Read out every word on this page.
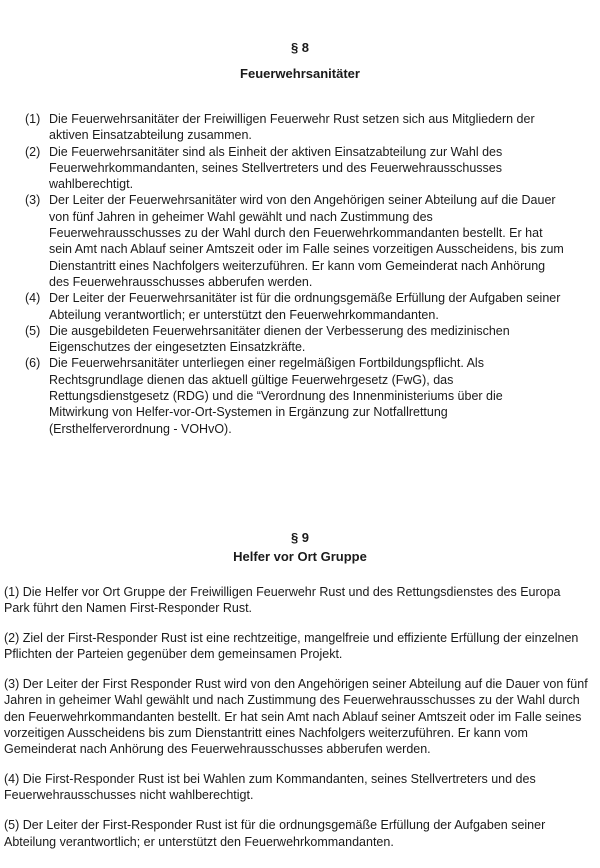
§ 8
Feuerwehrsanitäter
(1) Die Feuerwehrsanitäter der Freiwilligen Feuerwehr Rust setzen sich aus Mitgliedern der aktiven Einsatzabteilung zusammen.
(2) Die Feuerwehrsanitäter sind als Einheit der aktiven Einsatzabteilung zur Wahl des Feuerwehrkommandanten, seines Stellvertreters und des Feuerwehrausschusses wahlberechtigt.
(3) Der Leiter der Feuerwehrsanitäter wird von den Angehörigen seiner Abteilung auf die Dauer von fünf Jahren in geheimer Wahl gewählt und nach Zustimmung des Feuerwehrausschusses zu der Wahl durch den Feuerwehrkommandanten bestellt. Er hat sein Amt nach Ablauf seiner Amtszeit oder im Falle seines vorzeitigen Ausscheidens, bis zum Dienstantritt eines Nachfolgers weiterzuführen. Er kann vom Gemeinderat nach Anhörung des Feuerwehrausschusses abberufen werden.
(4) Der Leiter der Feuerwehrsanitäter ist für die ordnungsgemäße Erfüllung der Aufgaben seiner Abteilung verantwortlich; er unterstützt den Feuerwehrkommandanten.
(5) Die ausgebildeten Feuerwehrsanitäter dienen der Verbesserung des medizinischen Eigenschutzes der eingesetzten Einsatzkräfte.
(6) Die Feuerwehrsanitäter unterliegen einer regelmäßigen Fortbildungspflicht. Als Rechtsgrundlage dienen das aktuell gültige Feuerwehrgesetz (FwG), das Rettungsdienstgesetz (RDG) und die “Verordnung des Innenministeriums über die Mitwirkung von Helfer-vor-Ort-Systemen in Ergänzung zur Notfallrettung (Ersthelferverordnung - VOHvO).
§ 9
Helfer vor Ort Gruppe

(1) Die Helfer vor Ort Gruppe der Freiwilligen Feuerwehr Rust und des Rettungsdienstes des Europa Park führt den Namen First-Responder Rust.

(2) Ziel der First-Responder Rust ist eine rechtzeitige, mangelfreie und effiziente Erfüllung der einzelnen Pflichten der Parteien gegenüber dem gemeinsamen Projekt.

(3) Der Leiter der First Responder Rust wird von den Angehörigen seiner Abteilung auf die Dauer von fünf Jahren in geheimer Wahl gewählt und nach Zustimmung des Feuerwehrausschusses zu der Wahl durch den Feuerwehrkommandanten bestellt. Er hat sein Amt nach Ablauf seiner Amtszeit oder im Falle seines vorzeitigen Ausscheidens bis zum Dienstantritt eines Nachfolgers weiterzuführen. Er kann vom Gemeinderat nach Anhörung des Feuerwehrausschusses abberufen werden.

(4) Die First-Responder Rust ist bei Wahlen zum Kommandanten, seines Stellvertreters und des Feuerwehrausschusses nicht wahlberechtigt.

(5) Der Leiter der First-Responder Rust ist für die ordnungsgemäße Erfüllung der Aufgaben seiner Abteilung verantwortlich; er unterstützt den Feuerwehrkommandanten.
